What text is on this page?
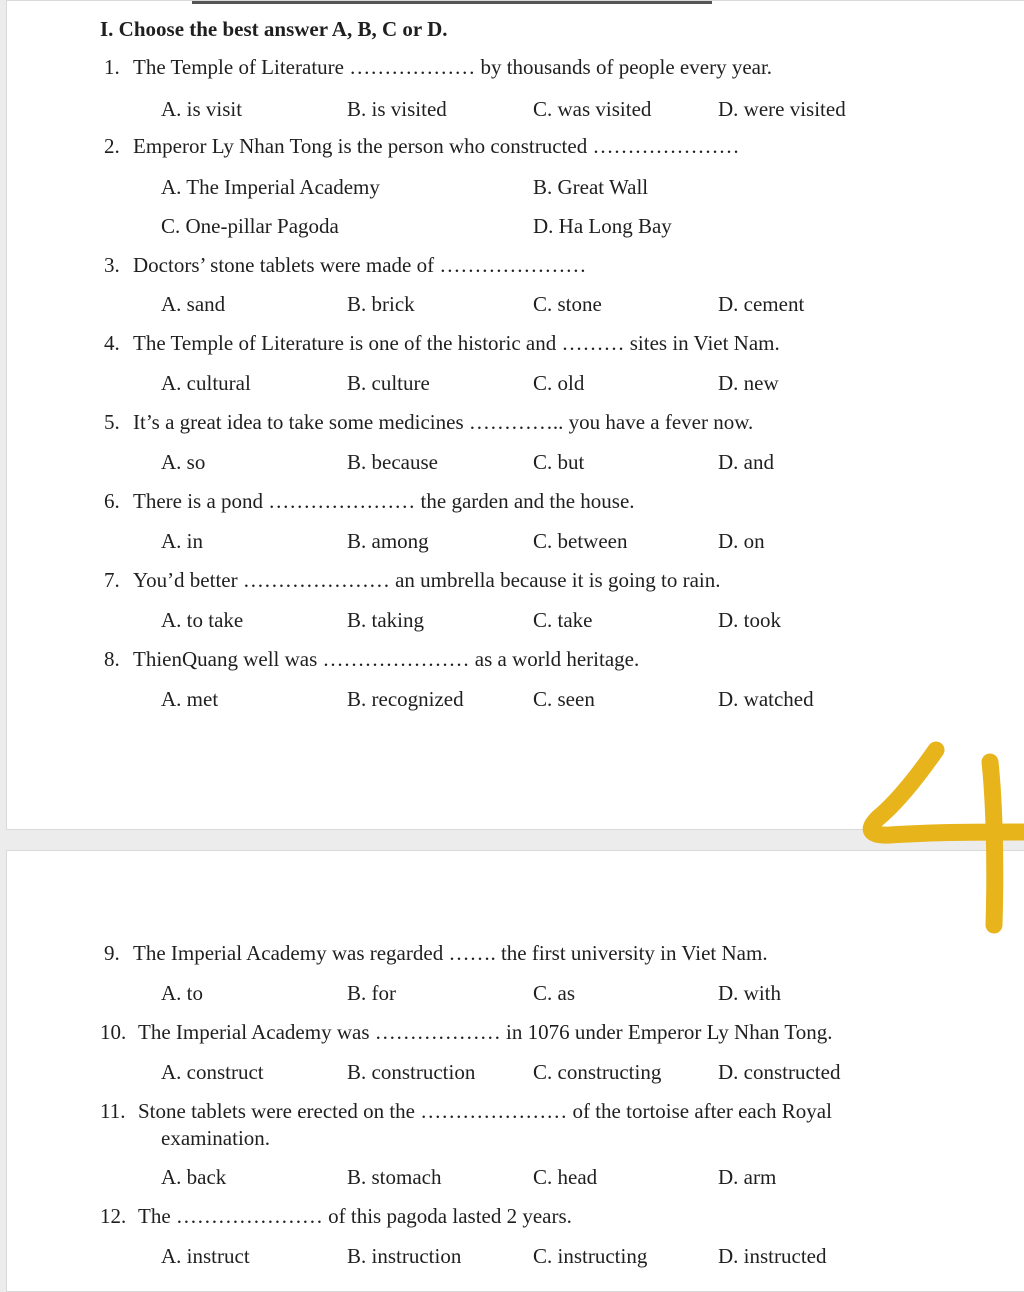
I. Choose the best answer A, B, C or D.
1. The Temple of Literature ……………… by thousands of people every year.
A. is visit	B. is visited	C. was visited	D. were visited
2. Emperor Ly Nhan Tong is the person who constructed …………………
A. The Imperial Academy	B. Great Wall
C. One-pillar Pagoda	D. Ha Long Bay
3. Doctors’ stone tablets were made of …………………
A. sand	B. brick	C. stone	D. cement
4. The Temple of Literature is one of the historic and ……… sites in Viet Nam.
A. cultural	B. culture	C. old	D. new
5. It’s a great idea to take some medicines ………….. you have a fever now.
A. so	B. because	C. but	D. and
6. There is a pond ………………… the garden and the house.
A. in	B. among	C. between	D. on
7. You’d better ………………… an umbrella because it is going to rain.
A. to take	B. taking	C. take	D. took
8. ThienQuang well was ………………… as a world heritage.
A. met	B. recognized	C. seen	D. watched
9. The Imperial Academy was regarded ……. the first university in Viet Nam.
A. to	B. for	C. as	D. with
10. The Imperial Academy was ……………… in 1076 under Emperor Ly Nhan Tong.
A. construct	B. construction	C. constructing	D. constructed
11. Stone tablets were erected on the ………………… of the tortoise after each Royal
examination.
A. back	B. stomach	C. head	D. arm
12. The ………………… of this pagoda lasted 2 years.
A. instruct	B. instruction	C. instructing	D. instructed
